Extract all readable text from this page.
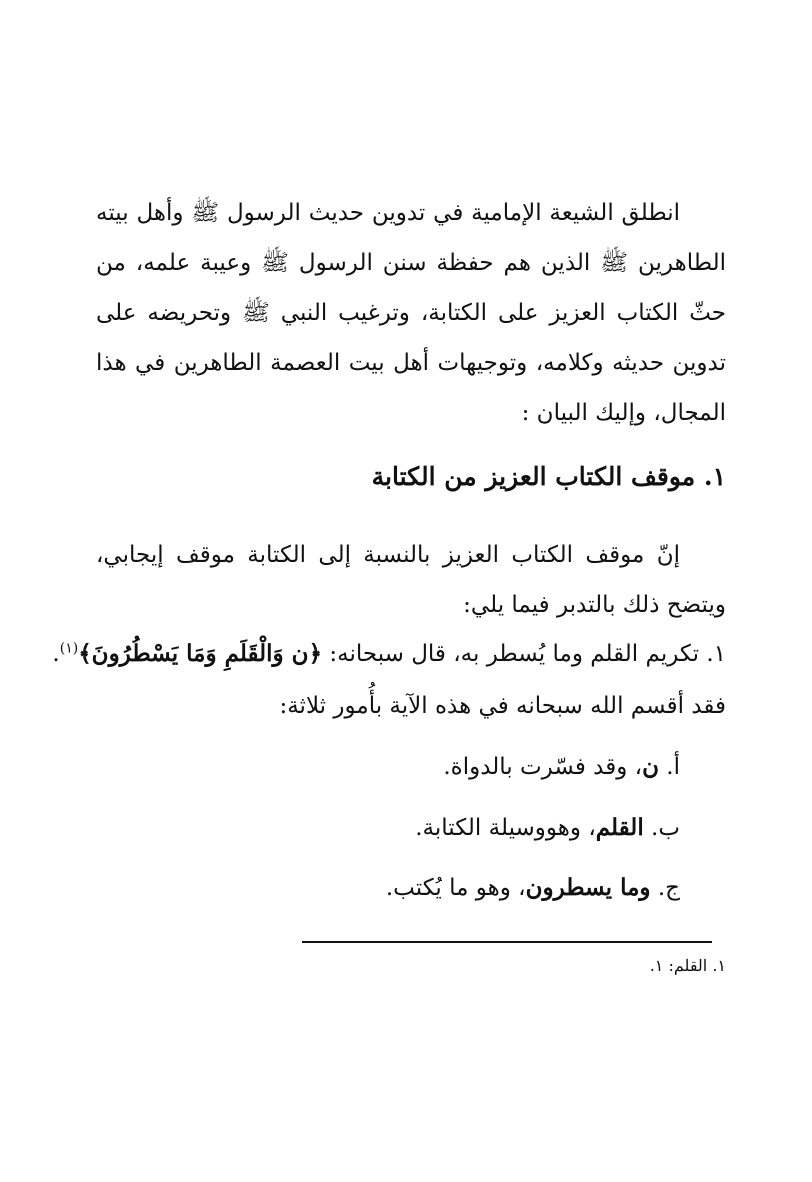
انطلق الشيعة الإمامية في تدوين حديث الرسول ﷺ وأهل بيته الطاهرين ﷺ الذين هم حفظة سنن الرسول ﷺ وعيبة علمه، من حثّ الكتاب العزيز على الكتابة، وترغيب النبي ﷺ وتحريضه على تدوين حديثه وكلامه، وتوجيهات أهل بيت العصمة الطاهرين في هذا المجال، وإليك البيان :

١. موقف الكتاب العزيز من الكتابة

إنّ موقف الكتاب العزيز بالنسبة إلى الكتابة موقف إيجابي، ويتضح ذلك بالتدبر فيما يلي:

١. تكريم القلم وما يُسطر به، قال سبحانه: ﴿ن وَالْقَلَمِ وَمَا يَسْطُرُونَ﴾$^{(١)}$.
فقد أقسم الله سبحانه في هذه الآية بأُمور ثلاثة:
أ. ن، وقد فسّرت بالدواة.
ب. القلم، وهووسيلة الكتابة.
ج. وما يسطرون، وهو ما يُكتب.
١. القلم: ١.
